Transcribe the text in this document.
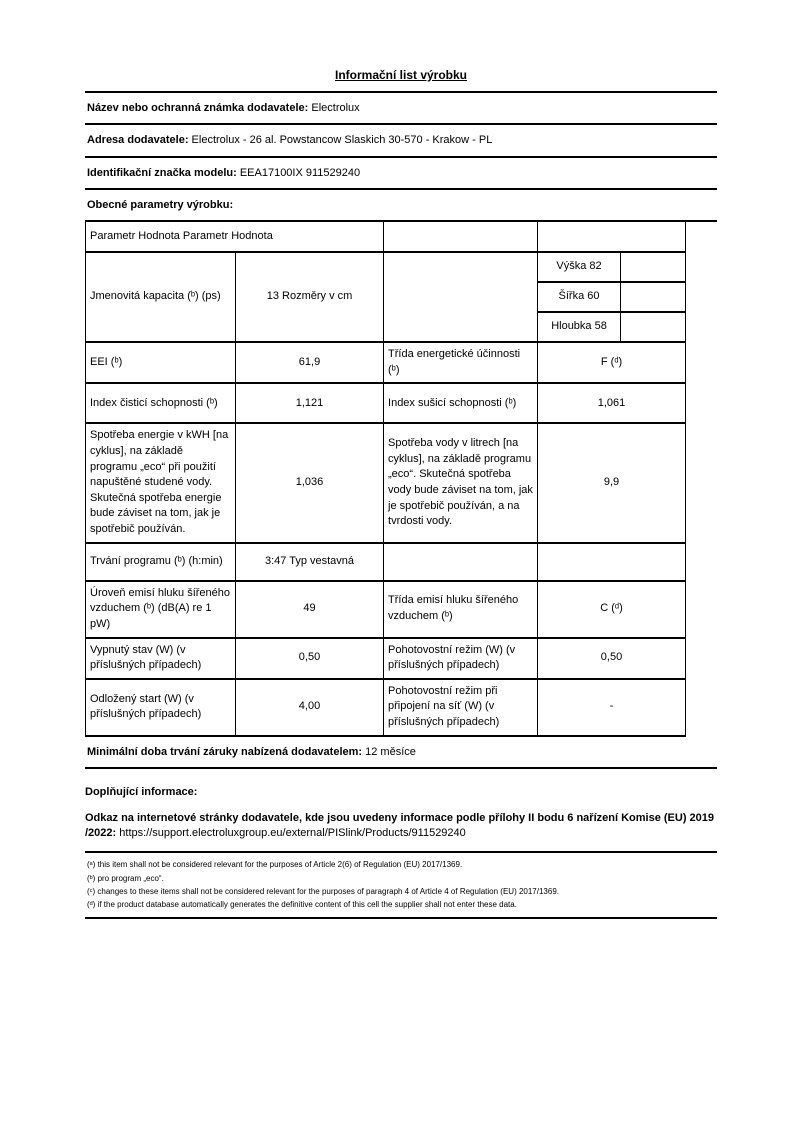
Informační list výrobku
Název nebo ochranná známka dodavatele: Electrolux
Adresa dodavatele: Electrolux - 26 al. Powstancow Slaskich 30-570 - Krakow - PL
Identifikační značka modelu: EEA17100IX 911529240
Obecné parametry výrobku:
Parametr Hodnota Parametr Hodnota				
Jmenovitá kapacita (ᵇ) (ps)	13 Rozměry v cm		Výška 82	
			Šířka 60	
			Hloubka 58	
EEI (ᵇ)	61,9	Třída energetické účinnosti (ᵇ)	F (ᵈ)	
Index čisticí schopnosti (ᵇ)	1,121	Index sušicí schopnosti (ᵇ)	1,061	
Spotřeba energie v kWH [na cyklus], na základě programu „eco“ při použití napuštěné studené vody. Skutečná spotřeba energie bude záviset na tom, jak je spotřebič používán.	1,036	Spotřeba vody v litrech [na cyklus], na základě programu „eco“. Skutečná spotřeba vody bude záviset na tom, jak je spotřebič používán, a na tvrdosti vody.	9,9	
Trvání programu (ᵇ) (h:min)	3:47 Typ vestavná			
Úroveň emisí hluku šířeného vzduchem (ᵇ) (dB(A) re 1 pW)	49	Třída emisí hluku šířeného vzduchem (ᵇ)	C (ᵈ)	
Vypnutý stav (W) (v příslušných případech)	0,50	Pohotovostní režim (W) (v příslušných případech)	0,50	
Odložený start (W) (v příslušných případech)	4,00	Pohotovostní režim při připojení na síť (W) (v příslušných případech)	-	
Minimální doba trvání záruky nabízená dodavatelem: 12 měsíce
Doplňující informace:
Odkaz na internetové stránky dodavatele, kde jsou uvedeny informace podle přílohy II bodu 6 nařízení Komise (EU) 2019 /2022: https://support.electroluxgroup.eu/external/PISlink/Products/911529240
(ᵃ) this item shall not be considered relevant for the purposes of Article 2(6) of Regulation (EU) 2017/1369.
(ᵇ) pro program „eco“.
(ᶜ) changes to these items shall not be considered relevant for the purposes of paragraph 4 of Article 4 of Regulation (EU) 2017/1369.
(ᵈ) if the product database automatically generates the definitive content of this cell the supplier shall not enter these data.
